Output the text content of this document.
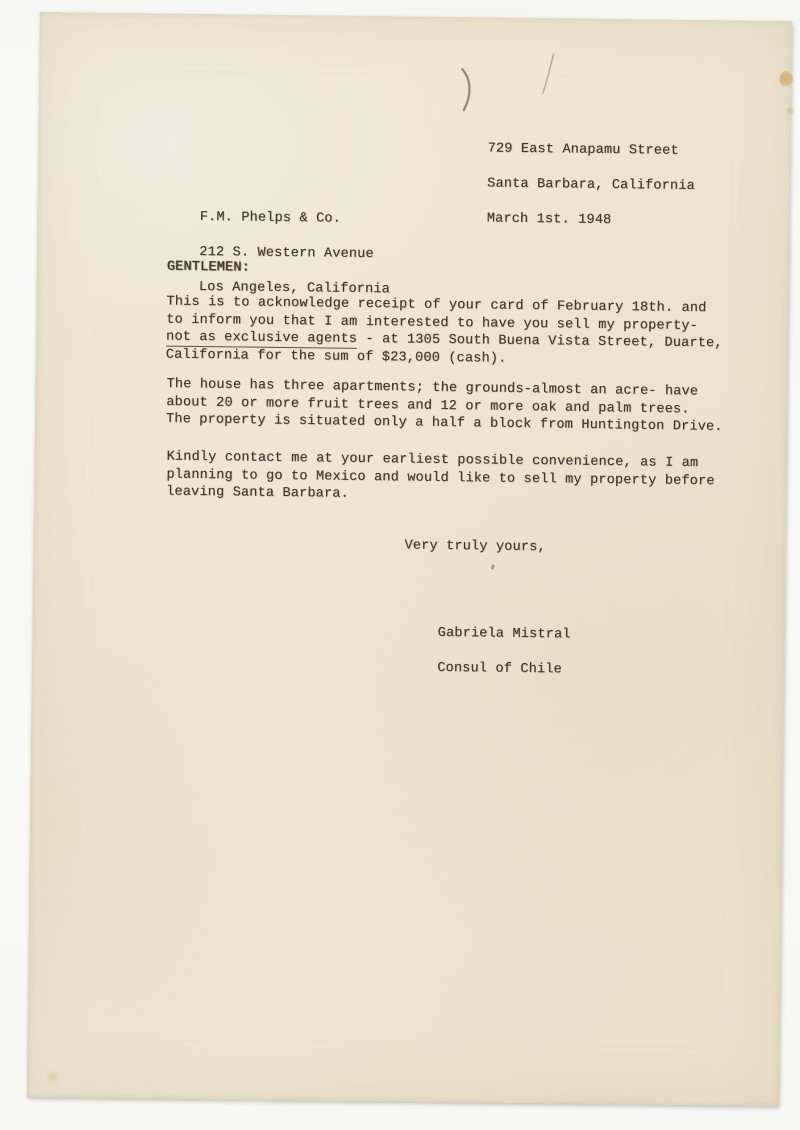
729 East Anapamu Street

Santa Barbara, California

March 1st. 1948

F.M. Phelps & Co.

212 S. Western Avenue

Los Angeles, California

GENTLEMEN:
This is to acknowledge receipt of your card of February 18th. and
to inform you that I am interested to have you sell my property-
not as exclusive agents - at 1305 South Buena Vista Street, Duarte,
California for the sum of $23,000 (cash).
The house has three apartments; the grounds-almost an acre- have
about 20 or more fruit trees and 12 or more oak and palm trees.
The property is situated only a half a block from Huntington Drive.
Kindly contact me at your earliest possible convenience, as I am
planning to go to Mexico and would like to sell my property before
leaving Santa Barbara.
Very truly yours,

Gabriela Mistral

Consul of Chile
